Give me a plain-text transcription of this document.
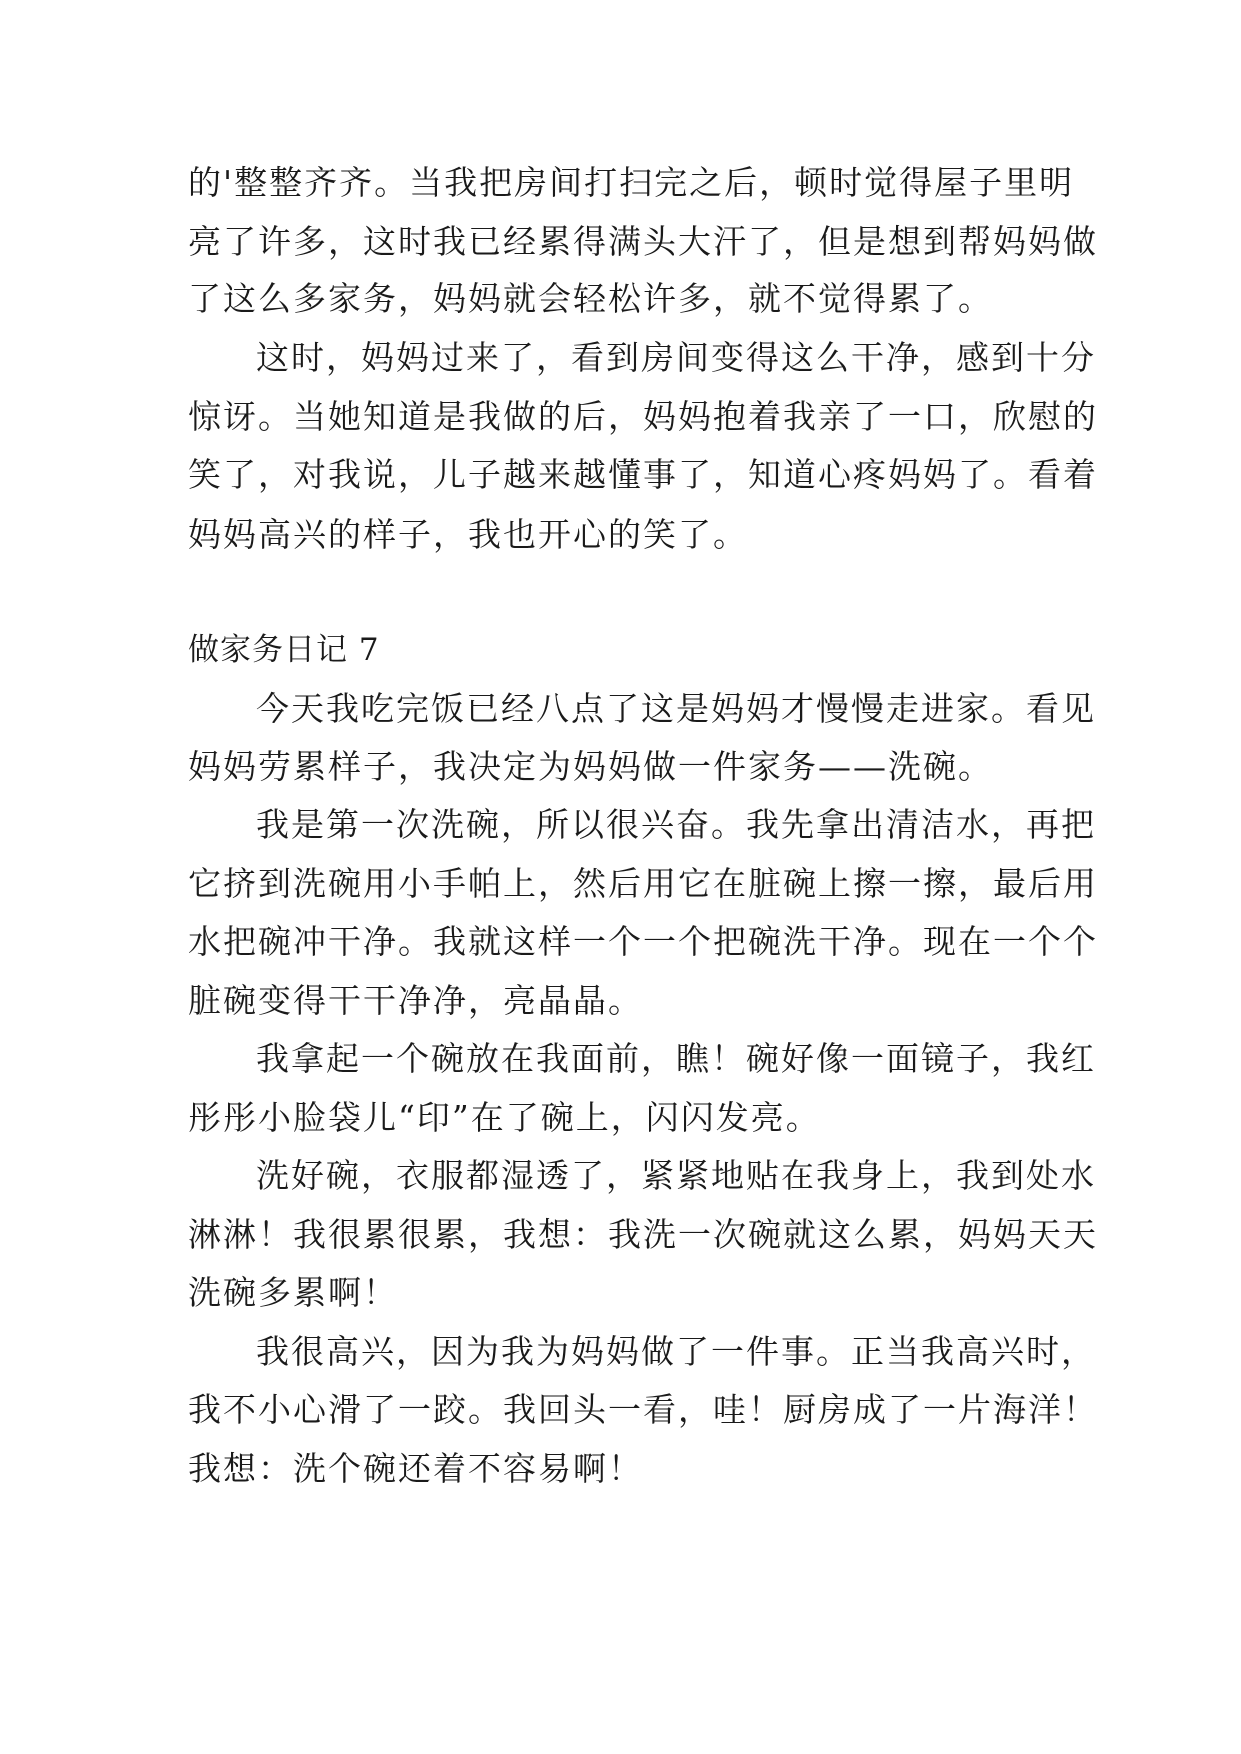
的'整整齐齐。当我把房间打扫完之后，顿时觉得屋子里明
亮了许多，这时我已经累得满头大汗了，但是想到帮妈妈做
了这么多家务，妈妈就会轻松许多，就不觉得累了。
这时，妈妈过来了，看到房间变得这么干净，感到十分
惊讶。当她知道是我做的后，妈妈抱着我亲了一口，欣慰的
笑了，对我说，儿子越来越懂事了，知道心疼妈妈了。看着
妈妈高兴的样子，我也开心的笑了。
做家务日记 7
今天我吃完饭已经八点了这是妈妈才慢慢走进家。看见
妈妈劳累样子，我决定为妈妈做一件家务——洗碗。
我是第一次洗碗，所以很兴奋。我先拿出清洁水，再把
它挤到洗碗用小手帕上，然后用它在脏碗上擦一擦，最后用
水把碗冲干净。我就这样一个一个把碗洗干净。现在一个个
脏碗变得干干净净，亮晶晶。
我拿起一个碗放在我面前，瞧！碗好像一面镜子，我红
彤彤小脸袋儿“印”在了碗上，闪闪发亮。
洗好碗，衣服都湿透了，紧紧地贴在我身上，我到处水
淋淋！我很累很累，我想：我洗一次碗就这么累，妈妈天天
洗碗多累啊！
我很高兴，因为我为妈妈做了一件事。正当我高兴时，
我不小心滑了一跤。我回头一看，哇！厨房成了一片海洋！
我想：洗个碗还着不容易啊！
